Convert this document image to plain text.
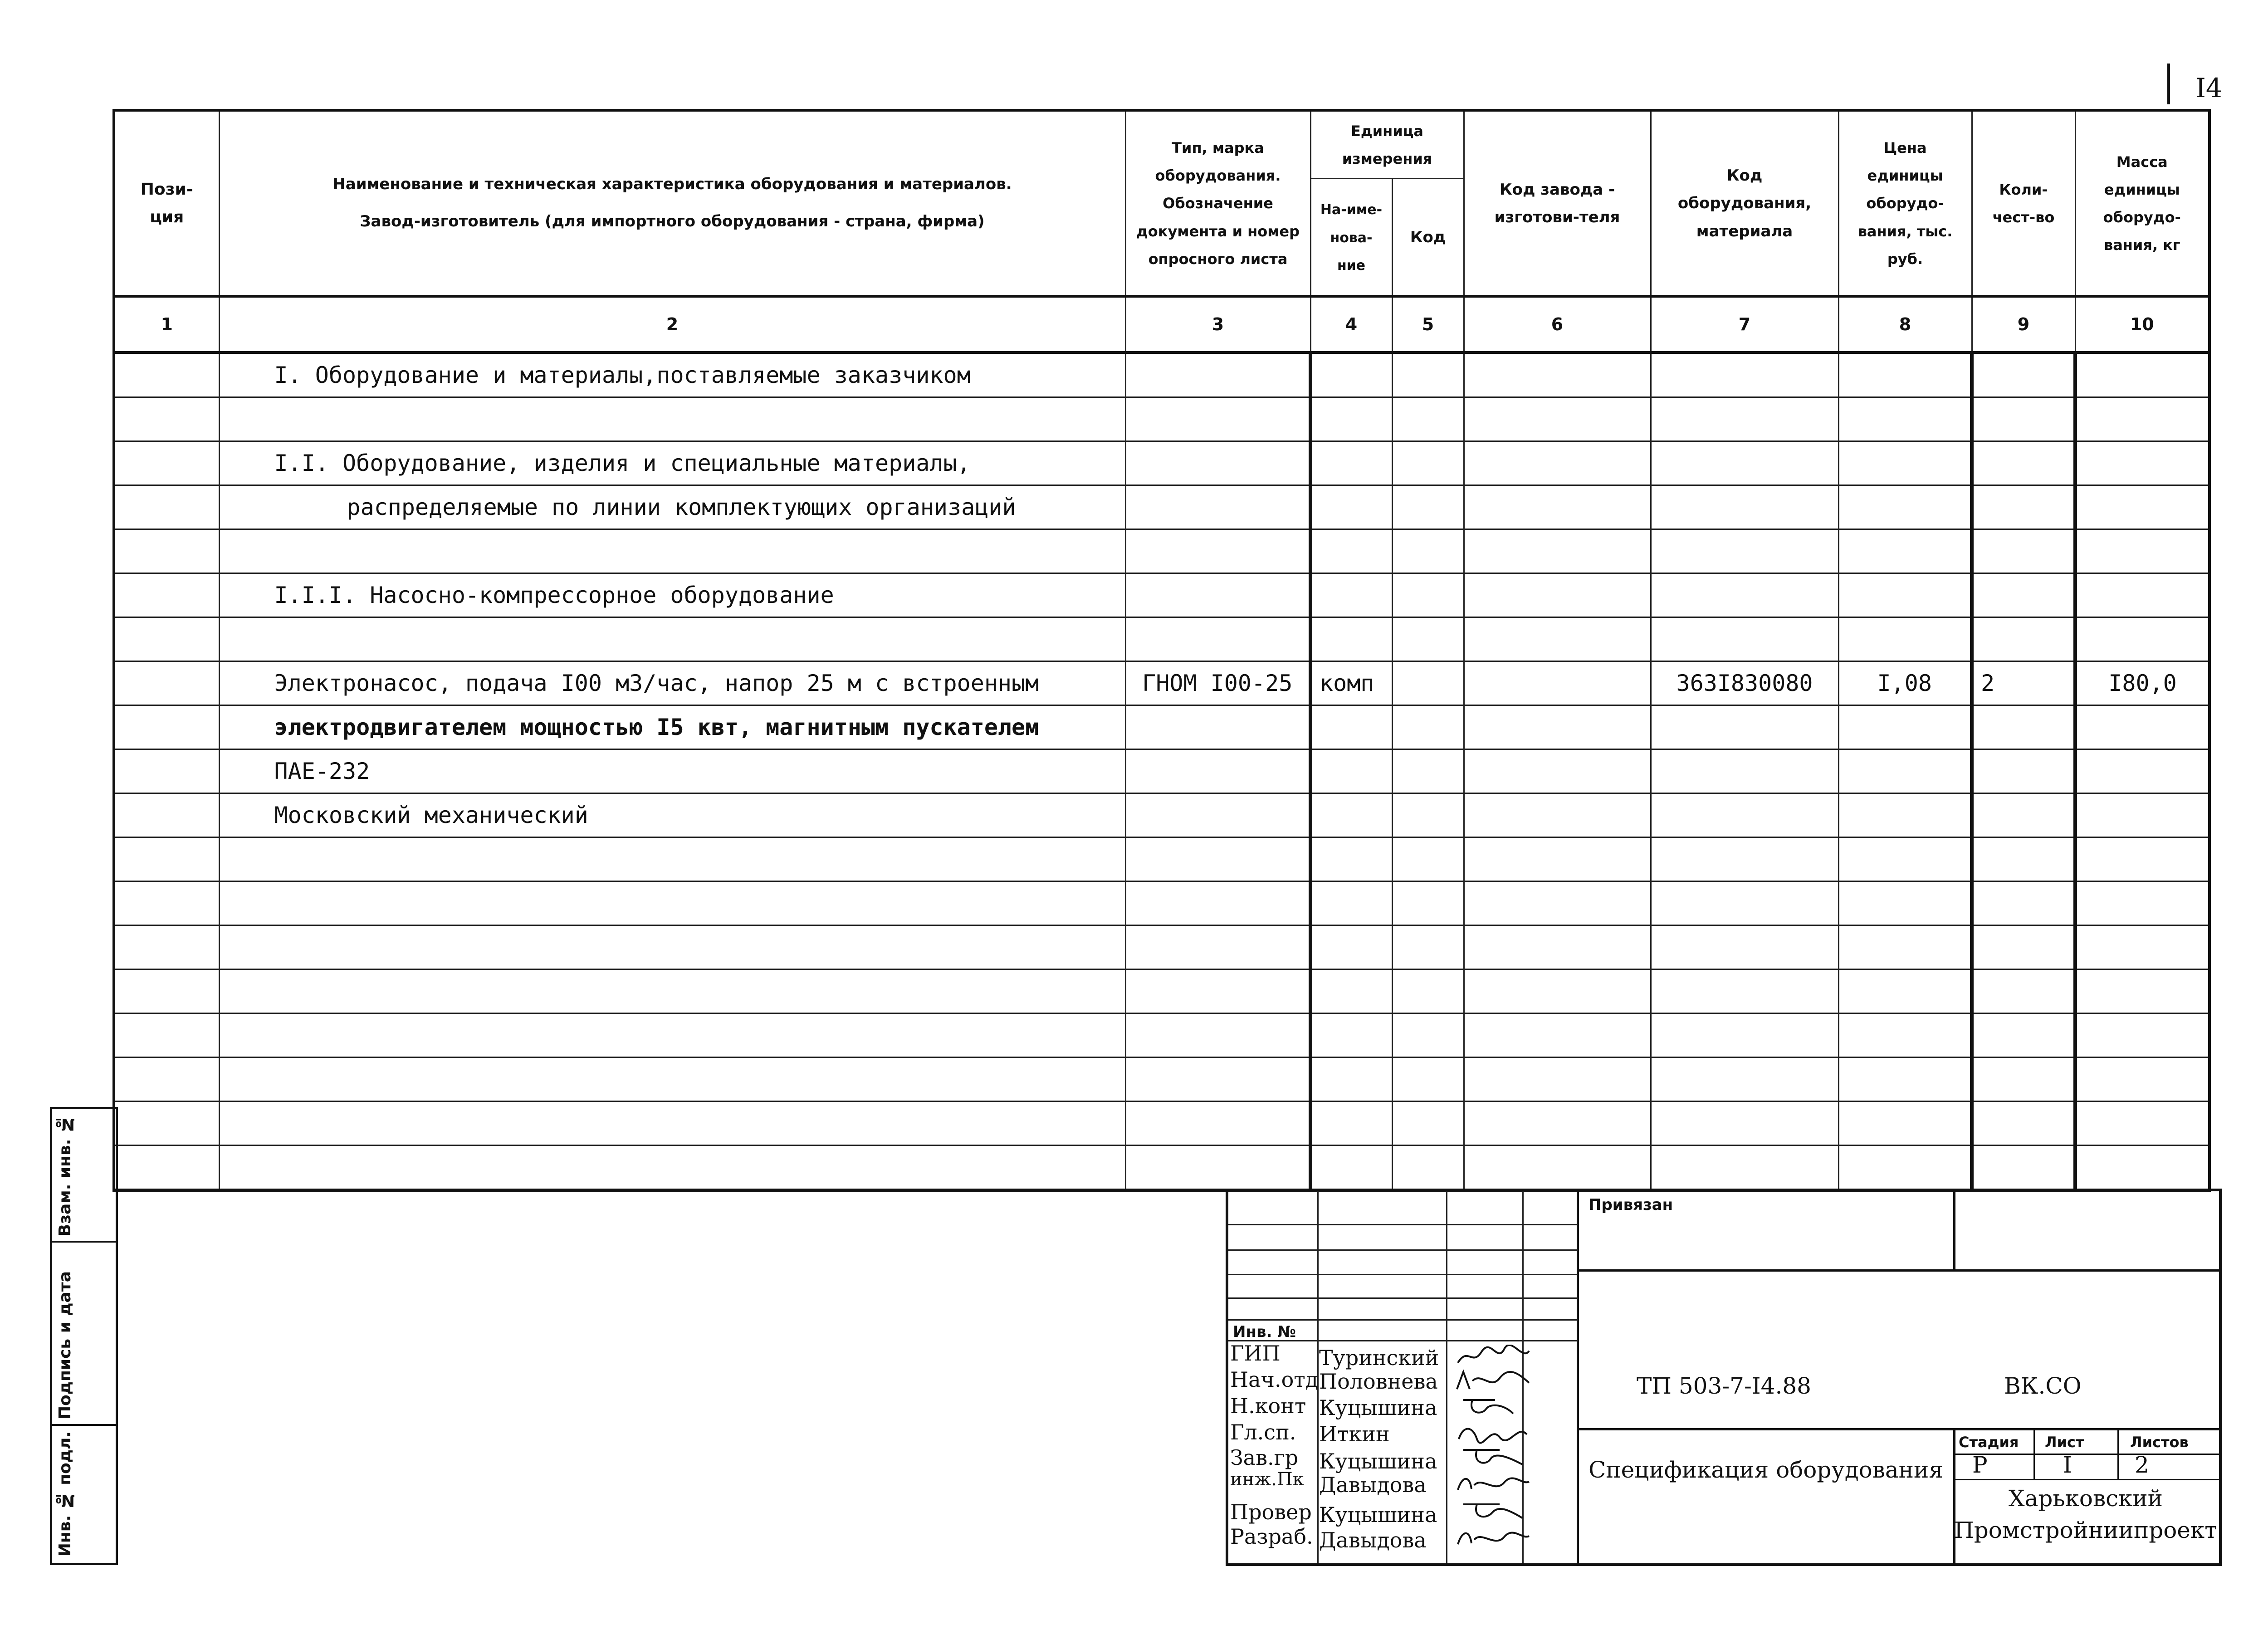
I4
Пози-
ция	Наименование и техническая характеристика оборудования и материалов.
Завод-изготовитель (для импортного оборудования - страна, фирма)	Тип, марка оборудования. Обозначение документа и номер опросного листа	Единица измерения		Код завода - изготови-теля	Код оборудования, материала	Цена единицы оборудо-вания, тыс. руб.	Коли-чест-во	Масса единицы оборудо-вания, кг
			На-име-нова-ние	Код					
1	2	3	4	5	6	7	8	9	10
	I. Оборудование и материалы,поставляемые заказчиком								

	I.I. Оборудование, изделия и специальные материалы,								
	распределяемые по линии комплектующих организаций								

	I.I.I. Насосно-компрессорное оборудование								

	Электронасос, подача I00 м3/час, напор 25 м с встроенным	ГНОМ I00-25	комп			363I830080	I,08	2	I80,0
	электродвигателем мощностью I5 квт, магнитным пускателем								
	ПАЕ-232								
	Московский механический								

Взам. инв. №
Подпись и дата
Инв. № подл.
Инв. №
ГИП Туринский
Нач.отд Половнева
Н.конт Куцышина
Гл.сп. Иткин
Зав.гр Куцышина
инж.Пк Давыдова
Провер Куцышина
Разраб. Давыдова
Привязан
ТП 503-7-I4.88	ВК.СО
Спецификация оборудования
Стадия Лист	Листов
Р	I	2
Харьковский
Промстройниипроект
